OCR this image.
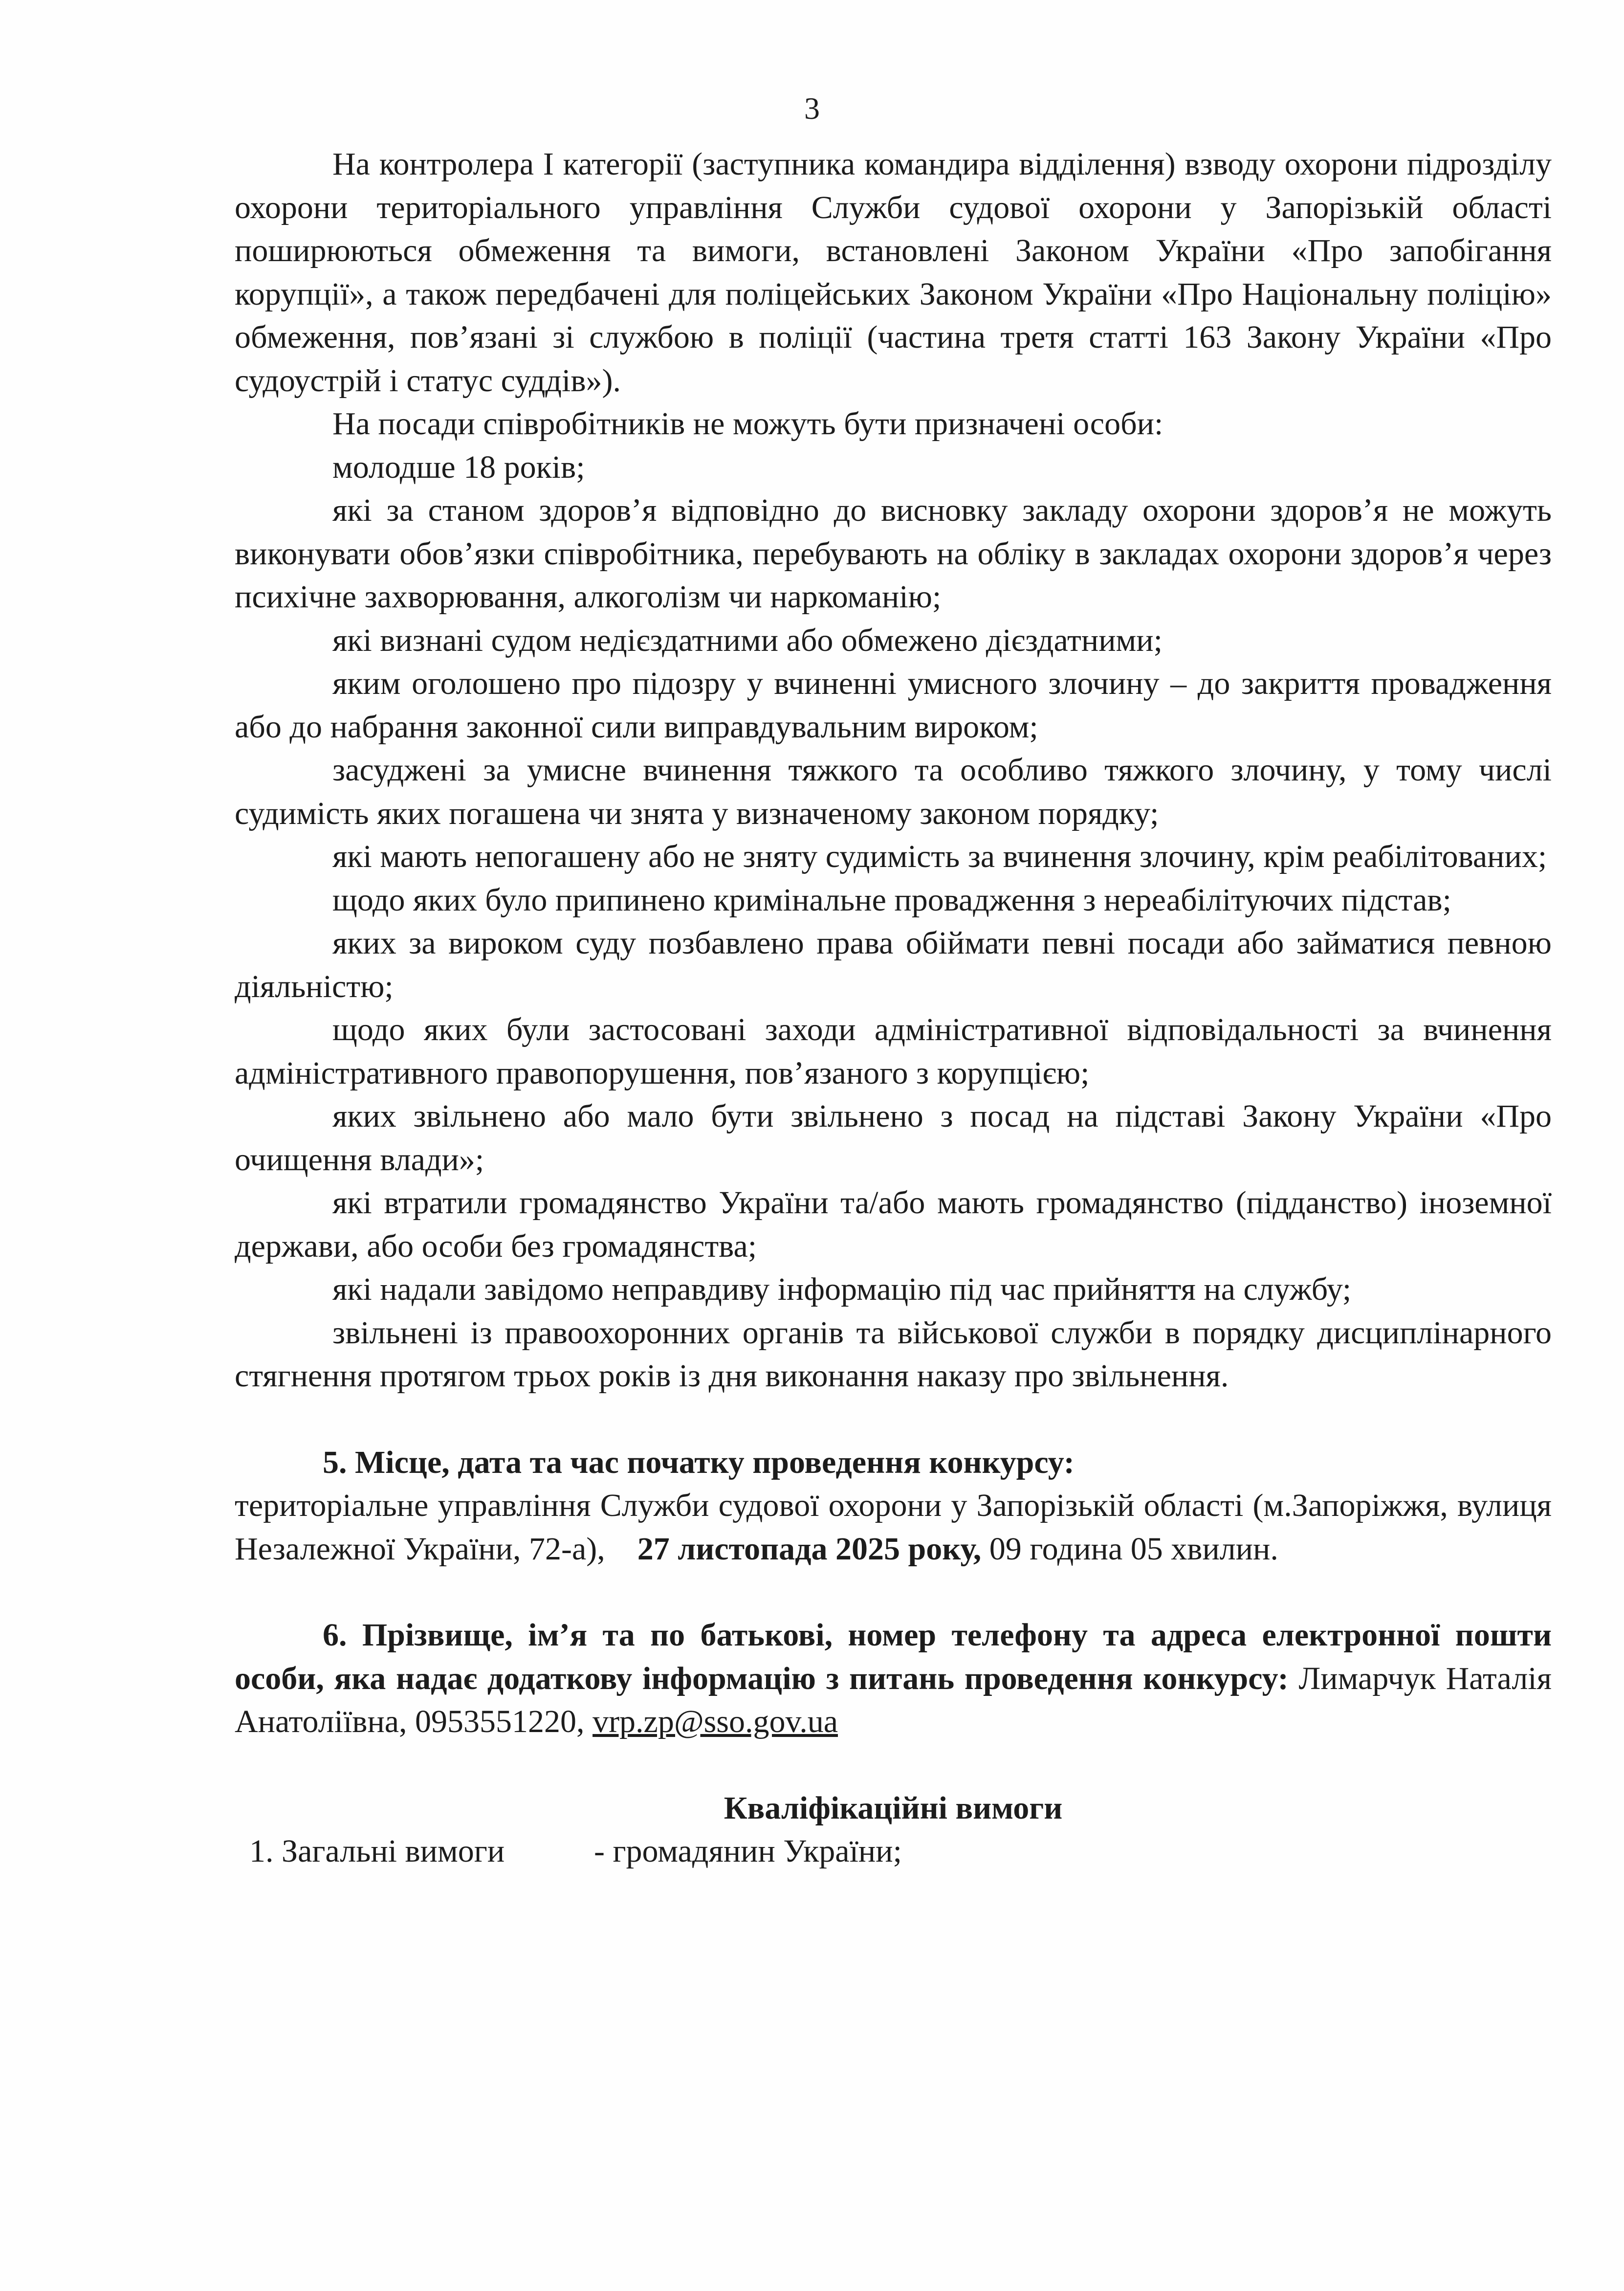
3

На контролера І категорії (заступника командира відділення) взводу охорони підрозділу охорони територіального управління Служби судової охорони у Запорізькій області поширюються обмеження та вимоги, встановлені Законом України «Про запобігання корупції», а також передбачені для поліцейських Законом України «Про Національну поліцію» обмеження, пов’язані зі службою в поліції (частина третя статті 163 Закону України «Про судоустрій і статус суддів»).

На посади співробітників не можуть бути призначені особи:

молодше 18 років;

які за станом здоров’я відповідно до висновку закладу охорони здоров’я не можуть виконувати обов’язки співробітника, перебувають на обліку в закладах охорони здоров’я через психічне захворювання, алкоголізм чи наркоманію;

які визнані судом недієздатними або обмежено дієздатними;

яким оголошено про підозру у вчиненні умисного злочину – до закриття провадження або до набрання законної сили виправдувальним вироком;

засуджені за умисне вчинення тяжкого та особливо тяжкого злочину, у тому числі судимість яких погашена чи знята у визначеному законом порядку;

які мають непогашену або не зняту судимість за вчинення злочину, крім реабілітованих;

щодо яких було припинено кримінальне провадження з нереабілітуючих підстав;

яких за вироком суду позбавлено права обіймати певні посади або займатися певною діяльністю;

щодо яких були застосовані заходи адміністративної відповідальності за вчинення адміністративного правопорушення, пов’язаного з корупцією;

яких звільнено або мало бути звільнено з посад на підставі Закону України «Про очищення влади»;

які втратили громадянство України та/або мають громадянство (підданство) іноземної держави, або особи без громадянства;

які надали завідомо неправдиву інформацію під час прийняття на службу;

звільнені із правоохоронних органів та військової служби в порядку дисциплінарного стягнення протягом трьох років із дня виконання наказу про звільнення.

5. Місце, дата та час початку проведення конкурсу:

територіальне управління Служби судової охорони у Запорізькій області (м.Запоріжжя, вулиця Незалежної України, 72-а), 27 листопада 2025 року, 09 година 05 хвилин.

6. Прізвище, ім’я та по батькові, номер телефону та адреса електронної пошти особи, яка надає додаткову інформацію з питань проведення конкурсу: Лимарчук Наталія Анатоліївна, 0953551220, vrp.zp@sso.gov.ua

Кваліфікаційні вимоги

1. Загальні вимоги	- громадянин України;
